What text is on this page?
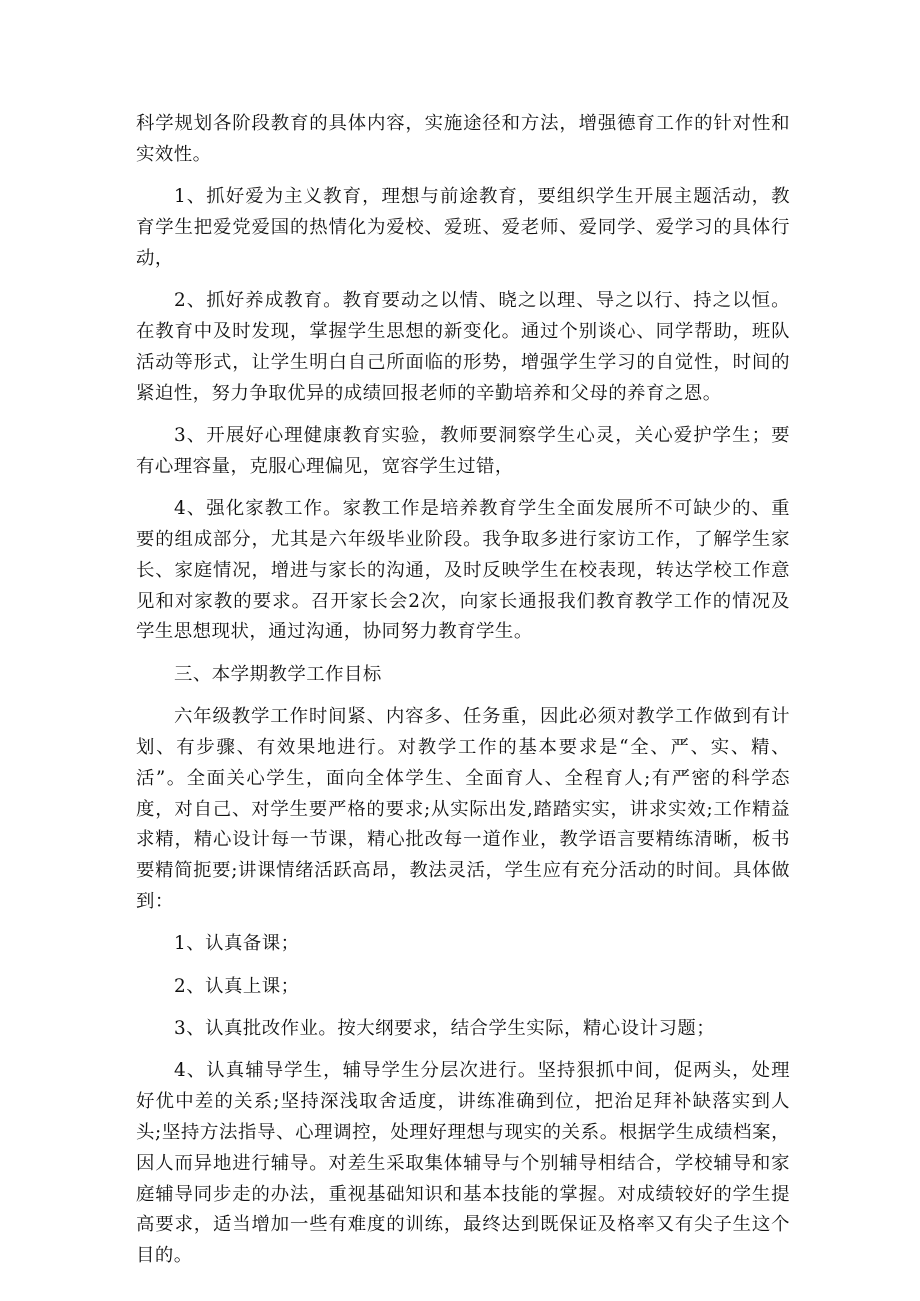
科学规划各阶段教育的具体内容，实施途径和方法，增强德育工作的针对性和实效性。

1、抓好爱为主义教育，理想与前途教育，要组织学生开展主题活动，教育学生把爱党爱国的热情化为爱校、爱班、爱老师、爱同学、爱学习的具体行动，

2、抓好养成教育。教育要动之以情、晓之以理、导之以行、持之以恒。在教育中及时发现，掌握学生思想的新变化。通过个别谈心、同学帮助，班队活动等形式，让学生明白自己所面临的形势，增强学生学习的自觉性，时间的紧迫性，努力争取优异的成绩回报老师的辛勤培养和父母的养育之恩。

3、开展好心理健康教育实验，教师要洞察学生心灵，关心爱护学生；要有心理容量，克服心理偏见，宽容学生过错，

4、强化家教工作。家教工作是培养教育学生全面发展所不可缺少的、重要的组成部分，尤其是六年级毕业阶段。我争取多进行家访工作，了解学生家长、家庭情况，增进与家长的沟通，及时反映学生在校表现，转达学校工作意见和对家教的要求。召开家长会2次，向家长通报我们教育教学工作的情况及学生思想现状，通过沟通，协同努力教育学生。

三、本学期教学工作目标

六年级教学工作时间紧、内容多、任务重，因此必须对教学工作做到有计划、有步骤、有效果地进行。对教学工作的基本要求是“全、严、实、精、活”。全面关心学生，面向全体学生、全面育人、全程育人;有严密的科学态度，对自己、对学生要严格的要求;从实际出发,踏踏实实，讲求实效;工作精益求精，精心设计每一节课，精心批改每一道作业，教学语言要精练清晰，板书要精简扼要;讲课情绪活跃高昂，教法灵活，学生应有充分活动的时间。具体做到：

1、认真备课；

2、认真上课；

3、认真批改作业。按大纲要求，结合学生实际，精心设计习题；

4、认真辅导学生，辅导学生分层次进行。坚持狠抓中间，促两头，处理好优中差的关系;坚持深浅取舍适度，讲练准确到位，把治足拜补缺落实到人头;坚持方法指导、心理调控，处理好理想与现实的关系。根据学生成绩档案，因人而异地进行辅导。对差生采取集体辅导与个别辅导相结合，学校辅导和家庭辅导同步走的办法，重视基础知识和基本技能的掌握。对成绩较好的学生提高要求，适当增加一些有难度的训练，最终达到既保证及格率又有尖子生这个目的。
